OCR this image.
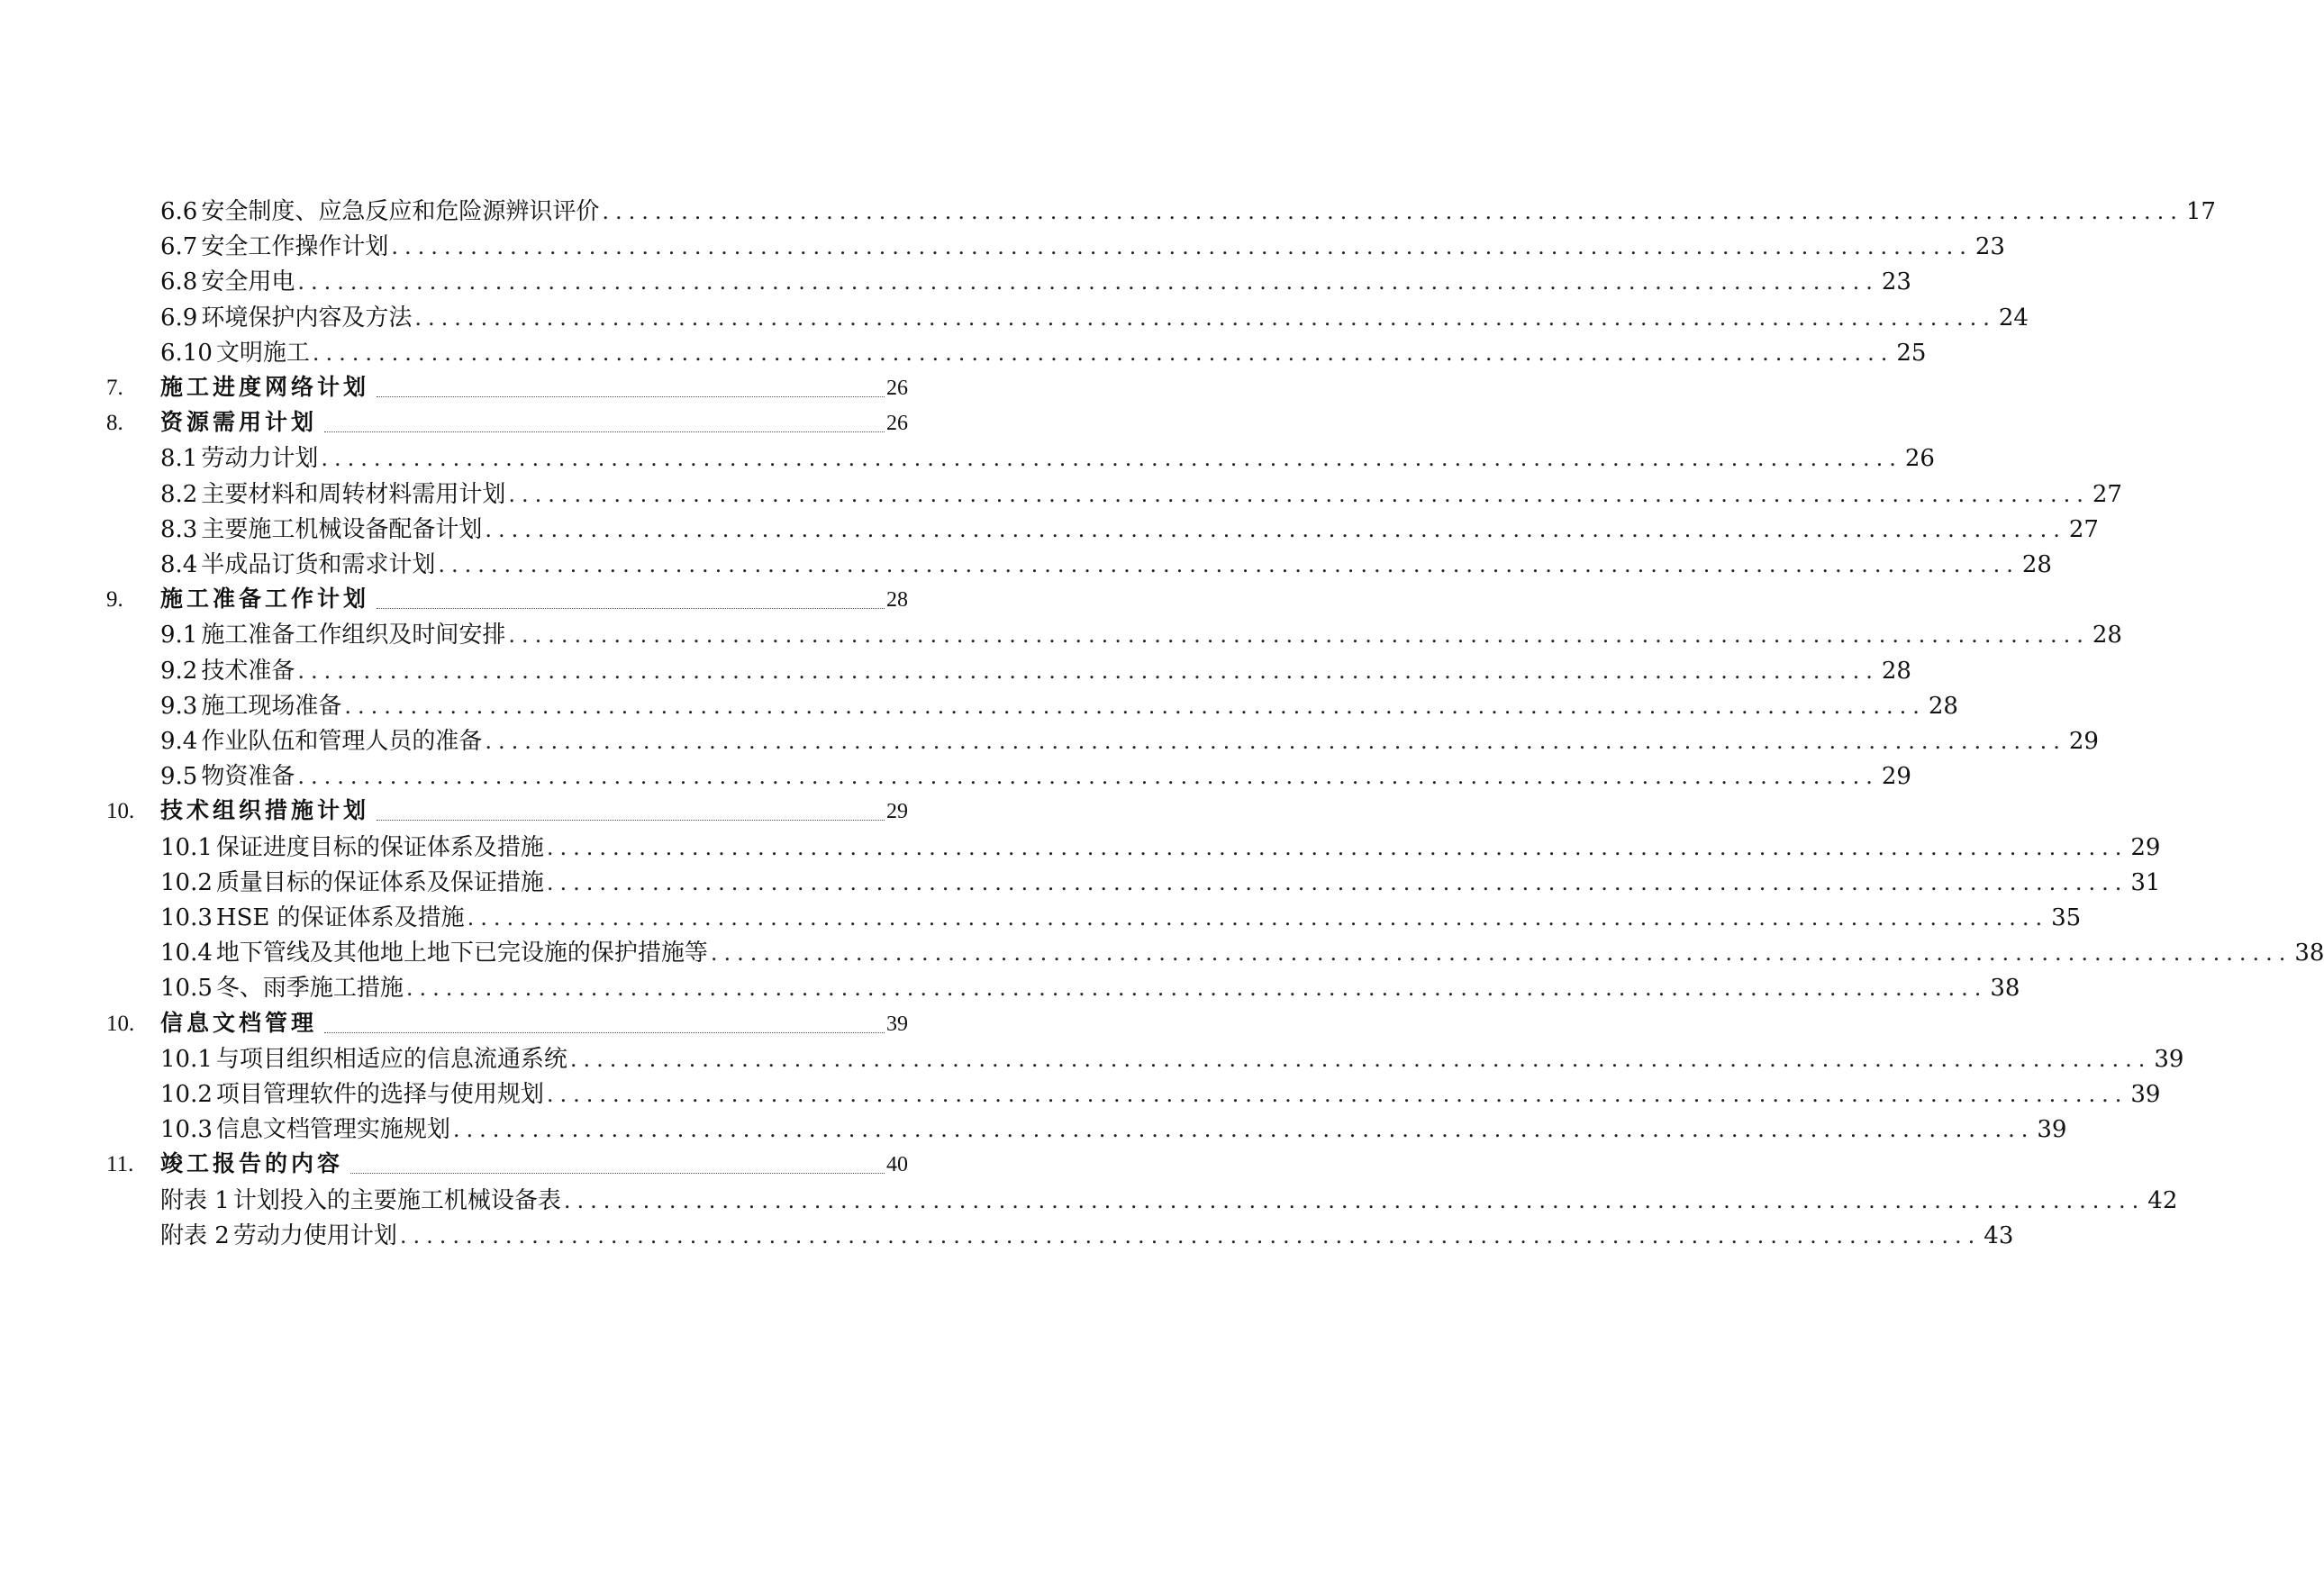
6.6 安全制度、应急反应和危险源辨识评价 ........................................................................................................................ 17
6.7 安全工作操作计划 ........................................................................................................................ 23
6.8 安全用电 ........................................................................................................................ 23
6.9 环境保护内容及方法 ........................................................................................................................ 24
6.10 文明施工 ........................................................................................................................ 25
7.	施工进度网络计划	26
8.	资源需用计划	26
8.1 劳动力计划 ........................................................................................................................ 26
8.2 主要材料和周转材料需用计划 ........................................................................................................................ 27
8.3 主要施工机械设备配备计划 ........................................................................................................................ 27
8.4 半成品订货和需求计划 ........................................................................................................................ 28
9.	施工准备工作计划	28
9.1 施工准备工作组织及时间安排 ........................................................................................................................ 28
9.2 技术准备 ........................................................................................................................ 28
9.3 施工现场准备 ........................................................................................................................ 28
9.4 作业队伍和管理人员的准备 ........................................................................................................................ 29
9.5 物资准备 ........................................................................................................................ 29
10.	技术组织措施计划	29
10.1 保证进度目标的保证体系及措施 ........................................................................................................................ 29
10.2 质量目标的保证体系及保证措施 ........................................................................................................................ 31
10.3 HSE 的保证体系及措施 ........................................................................................................................ 35
10.4 地下管线及其他地上地下已完设施的保护措施等 ........................................................................................................................ 38
10.5 冬、雨季施工措施 ........................................................................................................................ 38
10.	信息文档管理	39
10.1 与项目组织相适应的信息流通系统 ........................................................................................................................ 39
10.2 项目管理软件的选择与使用规划 ........................................................................................................................ 39
10.3 信息文档管理实施规划 ........................................................................................................................ 39
11.	竣工报告的内容	40
附表 1 计划投入的主要施工机械设备表 ........................................................................................................................ 42
附表 2 劳动力使用计划 ........................................................................................................................ 43
